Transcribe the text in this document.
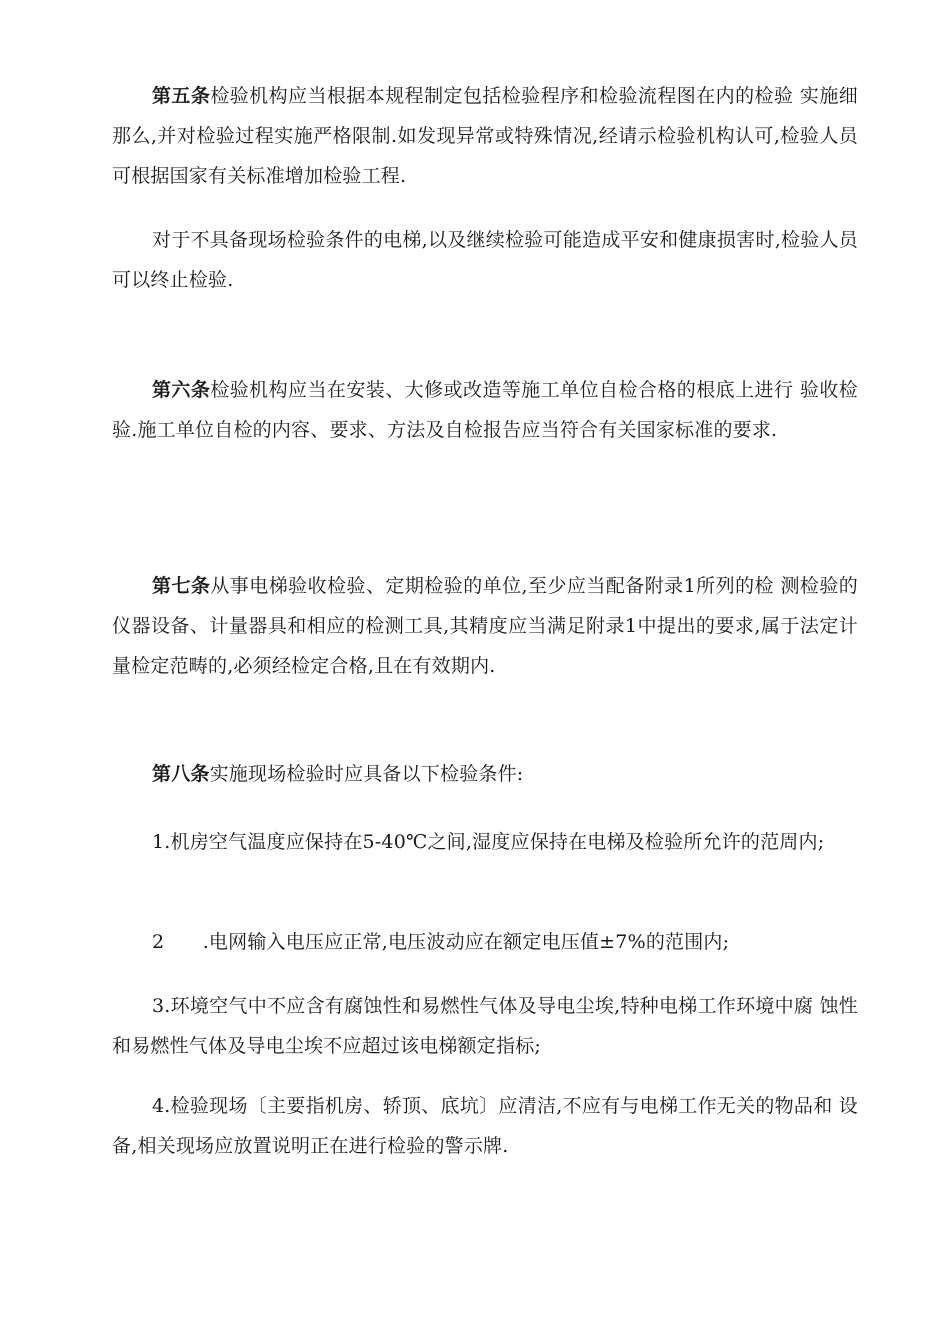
第五条检验机构应当根据本规程制定包括检验程序和检验流程图在内的检验 实施细那么,并对检验过程实施严格限制.如发现异常或特殊情况,经请示检验机构认可,检验人员可根据国家有关标准增加检验工程.

对于不具备现场检验条件的电梯,以及继续检验可能造成平安和健康损害时,检验人员可以终止检验.

第六条检验机构应当在安装、大修或改造等施工单位自检合格的根底上进行 验收检验.施工单位自检的内容、要求、方法及自检报告应当符合有关国家标准的要求.

第七条从事电梯验收检验、定期检验的单位,至少应当配备附录1所列的检 测检验的仪器设备、计量器具和相应的检测工具,其精度应当满足附录1中提出的要求,属于法定计量检定范畴的,必须经检定合格,且在有效期内.

第八条实施现场检验时应具备以下检验条件:

1.机房空气温度应保持在5-40℃之间,湿度应保持在电梯及检验所允许的范周内;

2　　.电网输入电压应正常,电压波动应在额定电压值±7%的范围内;

3.环境空气中不应含有腐蚀性和易燃性气体及导电尘埃,特种电梯工作环境中腐 蚀性和易燃性气体及导电尘埃不应超过该电梯额定指标;

4.检验现场〔主要指机房、轿顶、底坑〕应清洁,不应有与电梯工作无关的物品和 设备,相关现场应放置说明正在进行检验的警示牌.
